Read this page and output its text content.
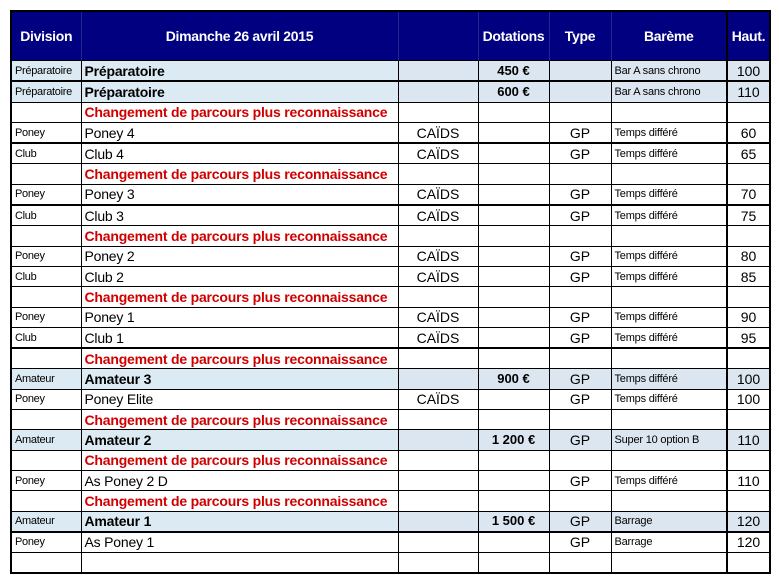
Division	Dimanche 26 avril 2015		Dotations	Type	Barème	Haut.
Préparatoire	Préparatoire		450 €		Bar A sans chrono	100
Préparatoire	Préparatoire		600 €		Bar A sans chrono	110
	Changement de parcours plus reconnaissance					
Poney	Poney 4	CAÏDS		GP	Temps différé	60
Club	Club 4	CAÏDS		GP	Temps différé	65
	Changement de parcours plus reconnaissance					
Poney	Poney 3	CAÏDS		GP	Temps différé	70
Club	Club 3	CAÏDS		GP	Temps différé	75
	Changement de parcours plus reconnaissance					
Poney	Poney 2	CAÏDS		GP	Temps différé	80
Club	Club 2	CAÏDS		GP	Temps différé	85
	Changement de parcours plus reconnaissance					
Poney	Poney 1	CAÏDS		GP	Temps différé	90
Club	Club 1	CAÏDS		GP	Temps différé	95
	Changement de parcours plus reconnaissance					
Amateur	Amateur 3		900 €	GP	Temps différé	100
Poney	Poney Elite	CAÏDS		GP	Temps différé	100
	Changement de parcours plus reconnaissance					
Amateur	Amateur 2		1 200 €	GP	Super 10 option B	110
	Changement de parcours plus reconnaissance					
Poney	As Poney 2 D			GP	Temps différé	110
	Changement de parcours plus reconnaissance					
Amateur	Amateur 1		1 500 €	GP	Barrage	120
Poney	As Poney 1			GP	Barrage	120
